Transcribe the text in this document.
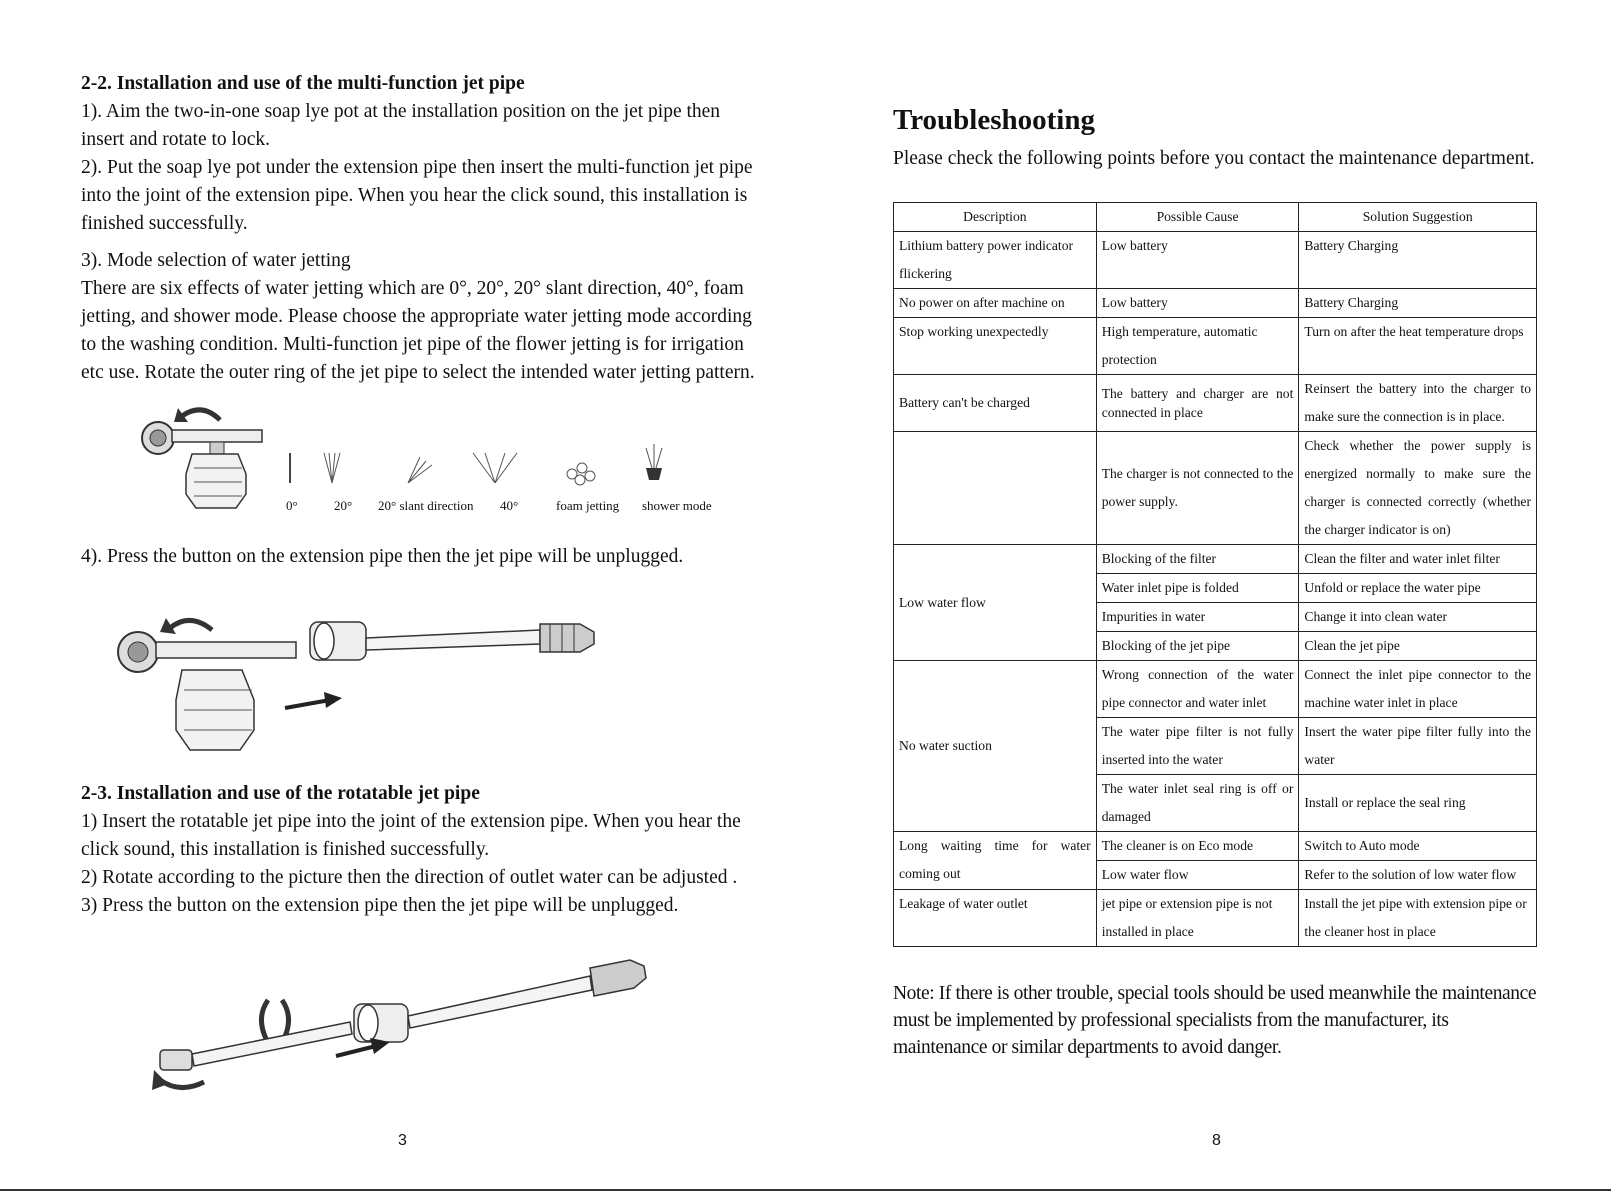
2-2. Installation and use of the multi-function jet pipe

1). Aim the two-in-one soap lye pot at the installation position on the jet pipe then insert and rotate to lock.

2). Put the soap lye pot under the extension pipe then insert the multi-function jet pipe into the joint of the extension pipe. When you hear the click sound, this installation is finished successfully.

3). Mode selection of water jetting

There are six effects of water jetting which are 0°, 20°, 20° slant direction, 40°, foam jetting, and shower mode. Please choose the appropriate water jetting mode according to the washing condition. Multi-function jet pipe of the flower jetting is for irrigation etc use. Rotate the outer ring of the jet pipe to select the intended water jetting pattern.

0°	20° 20° slant direction 40°	foam jetting shower mode

4). Press the button on the extension pipe then the jet pipe will be unplugged.

2-3. Installation and use of the rotatable jet pipe

1) Insert the rotatable jet pipe into the joint of the extension pipe. When you hear the click sound, this installation is finished successfully.

2) Rotate according to the picture then the direction of outlet water can be adjusted .

3) Press the button on the extension pipe then the jet pipe will be unplugged.

3

Troubleshooting

Please check the following points before you contact the maintenance department.

Description	Possible Cause	Solution Suggestion
Lithium battery power indicator flickering	Low battery	Battery Charging
No power on after machine on	Low battery	Battery Charging
Stop working unexpectedly	High temperature, automatic protection	Turn on after the heat temperature drops
Battery can't be charged	The battery and charger are not connected in place	Reinsert the battery into the charger to make sure the connection is in place.
	The charger is not connected to the power supply.	Check whether the power supply is energized normally to make sure the charger is connected correctly (whether the charger indicator is on)
Low water flow	Blocking of the filter	Clean the filter and water inlet filter
	Water inlet pipe is folded	Unfold or replace the water pipe
	Impurities in water	Change it into clean water
	Blocking of the jet pipe	Clean the jet pipe
No water suction	Wrong connection of the water pipe connector and water inlet	Connect the inlet pipe connector to the machine water inlet in place
	The water pipe filter is not fully inserted into the water	Insert the water pipe filter fully into the water
	The water inlet seal ring is off or damaged	Install or replace the seal ring
Long waiting time for water coming out	The cleaner is on Eco mode	Switch to Auto mode
	Low water flow	Refer to the solution of low water flow
Leakage of water outlet	jet pipe or extension pipe is not installed in place	Install the jet pipe with extension pipe or the cleaner host in place

Note: If there is other trouble, special tools should be used meanwhile the maintenance must be implemented by professional specialists from the manufacturer, its maintenance or similar departments to avoid danger.

8
